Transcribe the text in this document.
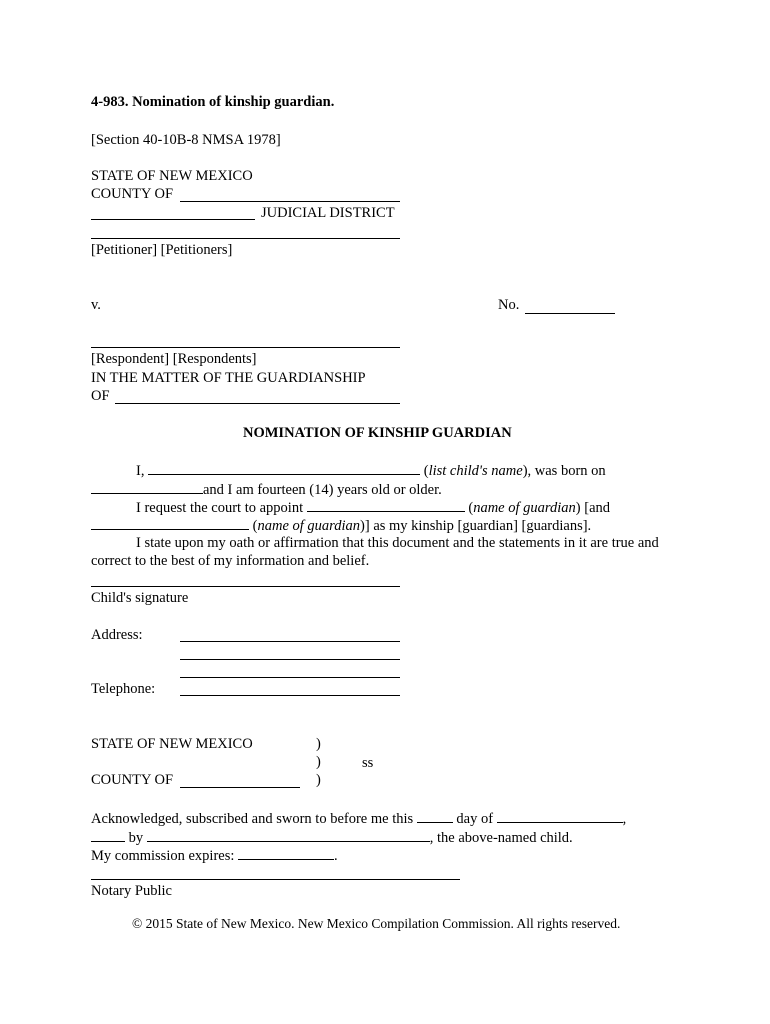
4-983. Nomination of kinship guardian.
[Section 40-10B-8 NMSA 1978]
STATE OF NEW MEXICO
COUNTY OF
JUDICIAL DISTRICT
[Petitioner] [Petitioners]
v.	No.
[Respondent] [Respondents]
IN THE MATTER OF THE GUARDIANSHIP
OF
NOMINATION OF KINSHIP GUARDIAN
I,	(list child's name), was born on
and I am fourteen (14) years old or older.
I request the court to appoint	(name of guardian) [and
(name of guardian)] as my kinship [guardian] [guardians].
I state upon my oath or affirmation that this document and the statements in it are true and
correct to the best of my information and belief.
Child's signature
Address:
Telephone:
STATE OF NEW MEXICO	)
)	ss
COUNTY OF	)
Acknowledged, subscribed and sworn to before me this	day of	,
by	, the above-named child.
My commission expires:	.
Notary Public
© 2015 State of New Mexico. New Mexico Compilation Commission. All rights reserved.
